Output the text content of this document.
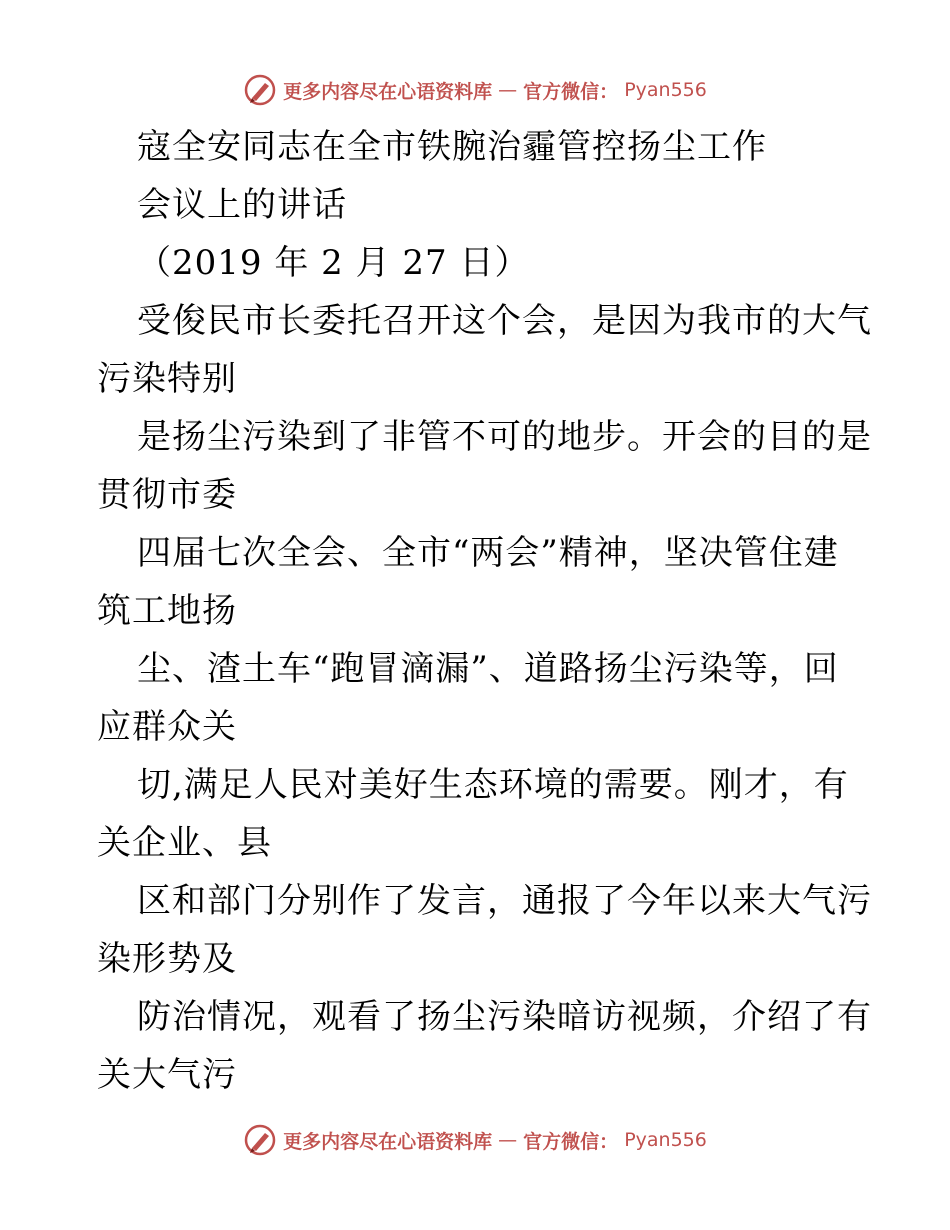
更多内容尽在心语资料库 — 官方微信： Pyan556
寇全安同志在全市铁腕治霾管控扬尘工作
会议上的讲话
（2019 年 2 月 27 日）
受俊民市长委托召开这个会，是因为我市的大气
污染特别
是扬尘污染到了非管不可的地步。开会的目的是
贯彻市委
四届七次全会、全市“两会”精神，坚决管住建
筑工地扬
尘、渣土车“跑冒滴漏”、道路扬尘污染等，回
应群众关
切,满足人民对美好生态环境的需要。刚才，有
关企业、县
区和部门分别作了发言，通报了今年以来大气污
染形势及
防治情况，观看了扬尘污染暗访视频，介绍了有
关大气污
更多内容尽在心语资料库 — 官方微信： Pyan556
